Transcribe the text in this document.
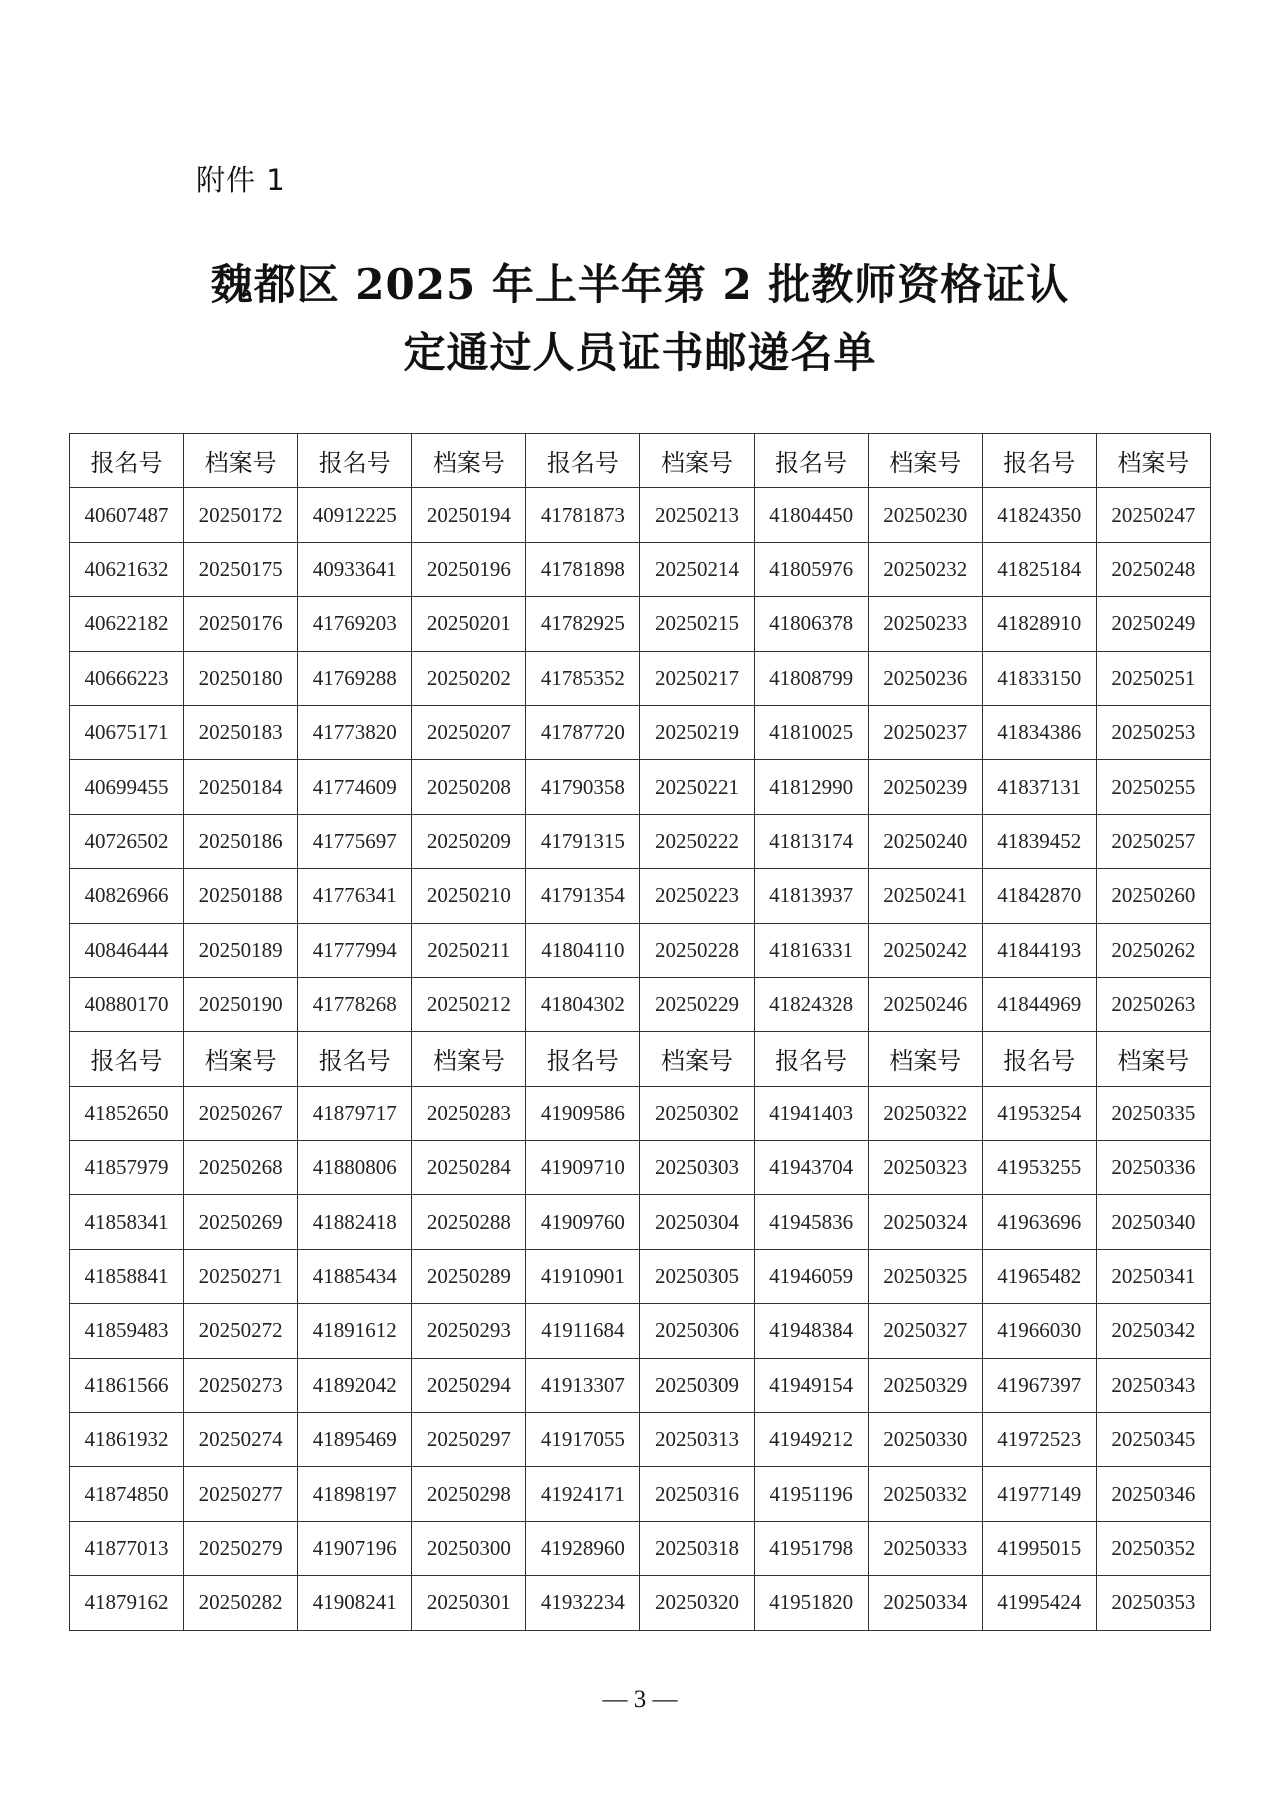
附件 1
魏都区 2025 年上半年第 2 批教师资格证认
定通过人员证书邮递名单
报名号	档案号	报名号	档案号	报名号	档案号	报名号	档案号	报名号	档案号
40607487	20250172	40912225	20250194	41781873	20250213	41804450	20250230	41824350	20250247
40621632	20250175	40933641	20250196	41781898	20250214	41805976	20250232	41825184	20250248
40622182	20250176	41769203	20250201	41782925	20250215	41806378	20250233	41828910	20250249
40666223	20250180	41769288	20250202	41785352	20250217	41808799	20250236	41833150	20250251
40675171	20250183	41773820	20250207	41787720	20250219	41810025	20250237	41834386	20250253
40699455	20250184	41774609	20250208	41790358	20250221	41812990	20250239	41837131	20250255
40726502	20250186	41775697	20250209	41791315	20250222	41813174	20250240	41839452	20250257
40826966	20250188	41776341	20250210	41791354	20250223	41813937	20250241	41842870	20250260
40846444	20250189	41777994	20250211	41804110	20250228	41816331	20250242	41844193	20250262
40880170	20250190	41778268	20250212	41804302	20250229	41824328	20250246	41844969	20250263
报名号	档案号	报名号	档案号	报名号	档案号	报名号	档案号	报名号	档案号
41852650	20250267	41879717	20250283	41909586	20250302	41941403	20250322	41953254	20250335
41857979	20250268	41880806	20250284	41909710	20250303	41943704	20250323	41953255	20250336
41858341	20250269	41882418	20250288	41909760	20250304	41945836	20250324	41963696	20250340
41858841	20250271	41885434	20250289	41910901	20250305	41946059	20250325	41965482	20250341
41859483	20250272	41891612	20250293	41911684	20250306	41948384	20250327	41966030	20250342
41861566	20250273	41892042	20250294	41913307	20250309	41949154	20250329	41967397	20250343
41861932	20250274	41895469	20250297	41917055	20250313	41949212	20250330	41972523	20250345
41874850	20250277	41898197	20250298	41924171	20250316	41951196	20250332	41977149	20250346
41877013	20250279	41907196	20250300	41928960	20250318	41951798	20250333	41995015	20250352
41879162	20250282	41908241	20250301	41932234	20250320	41951820	20250334	41995424	20250353
— 3 —
